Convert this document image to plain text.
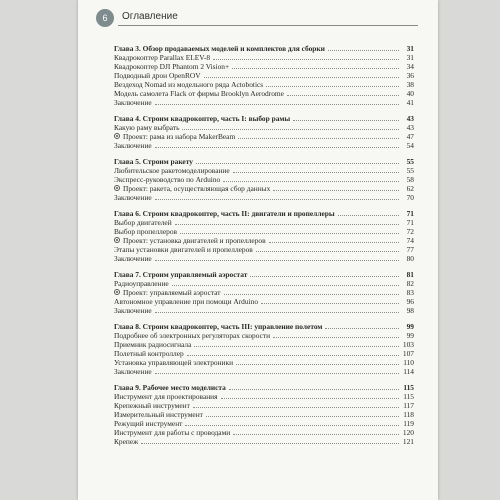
6	Оглавление
Глава 3. Обзор продаваемых моделей и комплектов для сборки	31
Квадрокоптер Parallax ELEV-8	31
Квадрокоптер DJI Phantom 2 Vision+	34
Подводный дрон OpenROV	36
Вездеход Nomad из модельного ряда Actobotics	38
Модель самолета Flack от фирмы Brooklyn Aerodrome	40
Заключение	41
Глава 4. Строим квадрокоптер, часть I: выбор рамы	43
Какую раму выбрать	43
Проект: рама из набора MakerBeam	47
Заключение	54
Глава 5. Строим ракету	55
Любительское ракетомоделирование	55
Экспресс-руководство по Arduino	58
Проект: ракета, осуществляющая сбор данных	62
Заключение	70
Глава 6. Строим квадрокоптер, часть II: двигатели и пропеллеры	71
Выбор двигателей	71
Выбор пропеллеров	72
Проект: установка двигателей и пропеллеров	74
Этапы установки двигателей и пропеллеров	77
Заключение	80
Глава 7. Строим управляемый аэростат	81
Радиоуправление	82
Проект: управляемый аэростат	83
Автономное управление при помощи Arduino	96
Заключение	98
Глава 8. Строим квадрокоптер, часть III: управление полетом	99
Подробнее об электронных регуляторах скорости	99
Приемник радиосигнала	103
Полетный контроллер	107
Установка управляющей электроники	110
Заключение	114
Глава 9. Рабочее место моделиста	115
Инструмент для проектирования	115
Крепежный инструмент	117
Измерительный инструмент	118
Режущий инструмент	119
Инструмент для работы с проводами	120
Крепеж	121
